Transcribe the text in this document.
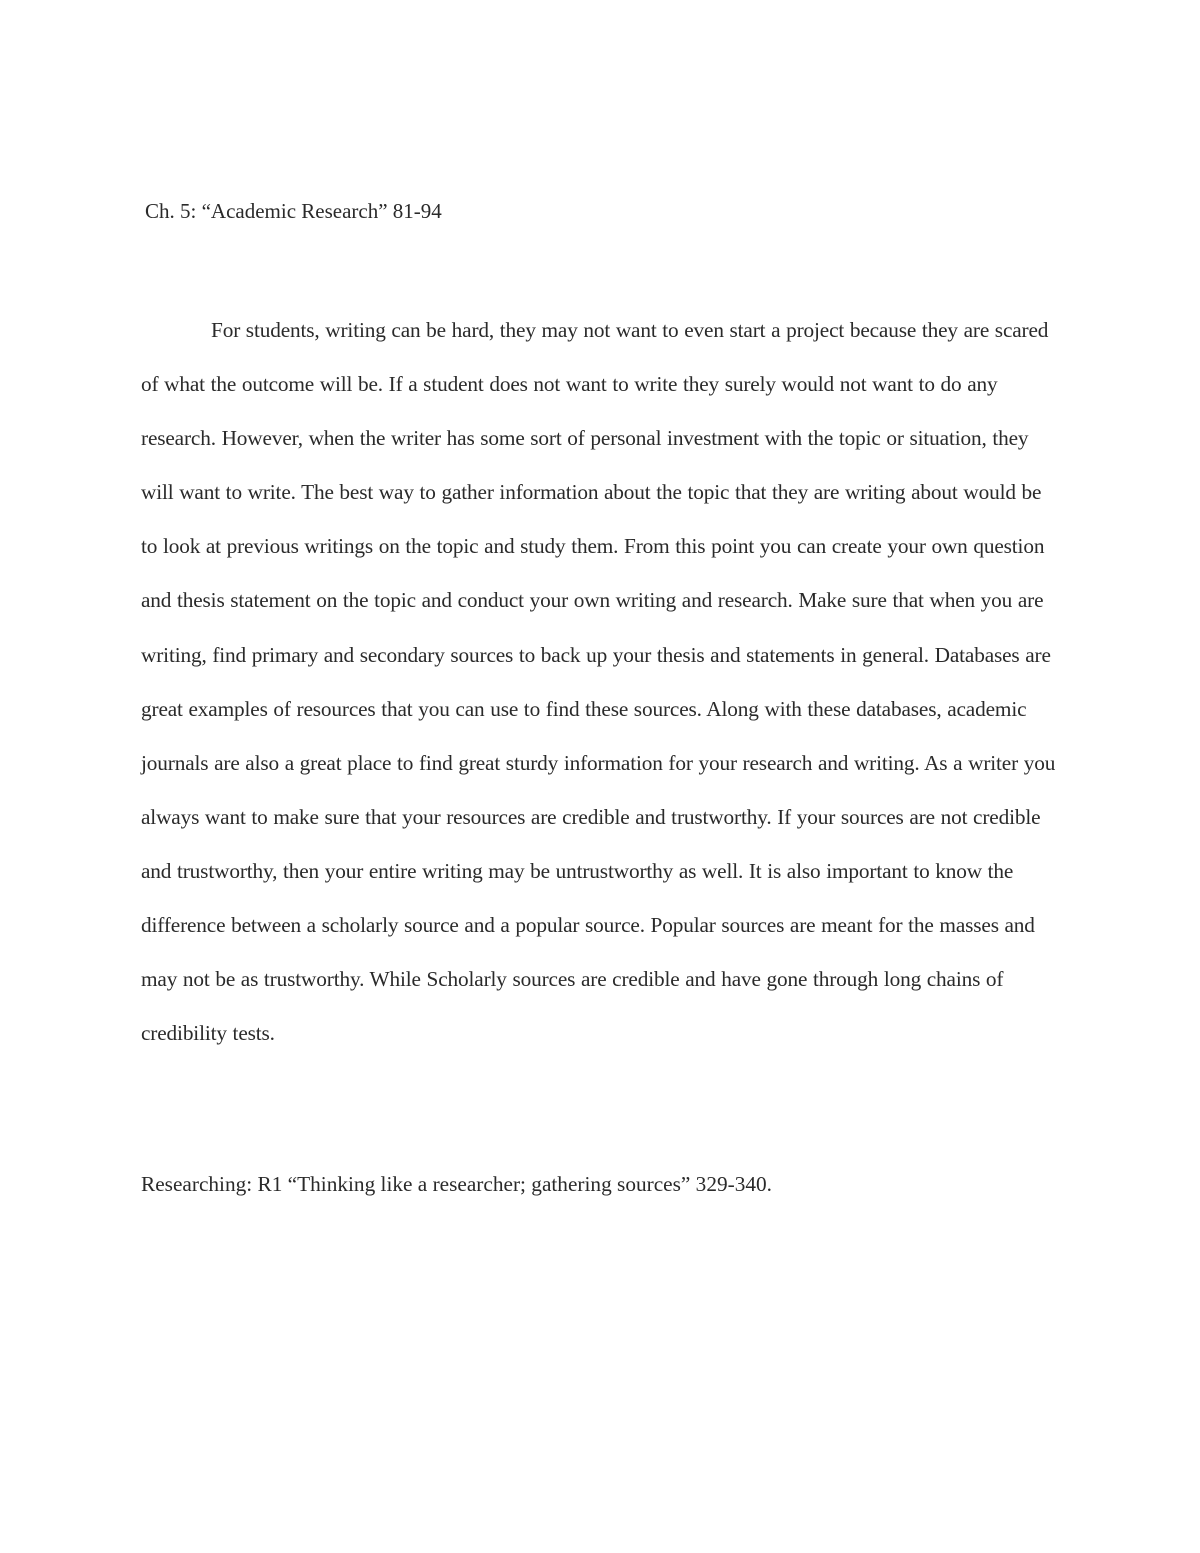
Ch. 5: “Academic Research” 81-94

For students, writing can be hard, they may not want to even start a project because they are scared of what the outcome will be. If a student does not want to write they surely would not want to do any research. However, when the writer has some sort of personal investment with the topic or situation, they will want to write. The best way to gather information about the topic that they are writing about would be to look at previous writings on the topic and study them. From this point you can create your own question and thesis statement on the topic and conduct your own writing and research. Make sure that when you are writing, find primary and secondary sources to back up your thesis and statements in general. Databases are great examples of resources that you can use to find these sources. Along with these databases, academic journals are also a great place to find great sturdy information for your research and writing. As a writer you always want to make sure that your resources are credible and trustworthy. If your sources are not credible and trustworthy, then your entire writing may be untrustworthy as well. It is also important to know the difference between a scholarly source and a popular source. Popular sources are meant for the masses and may not be as trustworthy. While Scholarly sources are credible and have gone through long chains of credibility tests.

Researching: R1 “Thinking like a researcher; gathering sources” 329-340.
